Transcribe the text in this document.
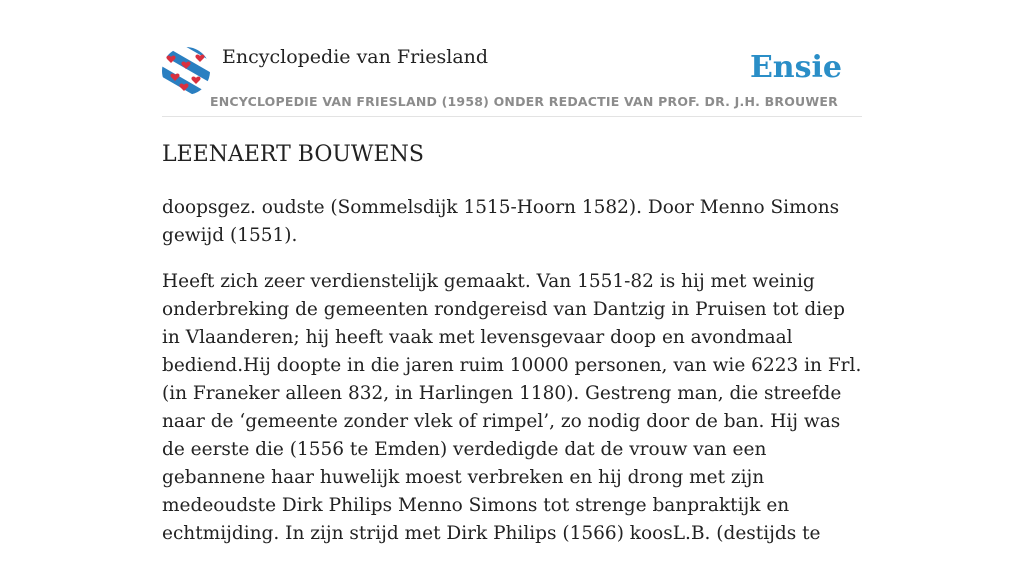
Encyclopedie van Friesland	Ensie
ENCYCLOPEDIE VAN FRIESLAND (1958) ONDER REDACTIE VAN PROF. DR. J.H. BROUWER
LEENAERT BOUWENS

doopsgez. oudste (Sommelsdijk 1515-Hoorn 1582). Door Menno Simons gewijd (1551).

Heeft zich zeer verdienstelijk gemaakt. Van 1551-82 is hij met weinig onderbreking de gemeenten rondgereisd van Dantzig in Pruisen tot diep in Vlaanderen; hij heeft vaak met levensgevaar doop en avondmaal bediend.Hij doopte in die jaren ruim 10000 personen, van wie 6223 in Frl. (in Franeker alleen 832, in Harlingen 1180). Gestreng man, die streefde naar de ‘gemeente zonder vlek of rimpel’, zo nodig door de ban. Hij was de eerste die (1556 te Emden) verdedigde dat de vrouw van een gebannene haar huwelijk moest verbreken en hij drong met zijn medeoudste Dirk Philips Menno Simons tot strenge banpraktijk en echtmijding. In zijn strijd met Dirk Philips (1566) koosL.B. (destijds te
